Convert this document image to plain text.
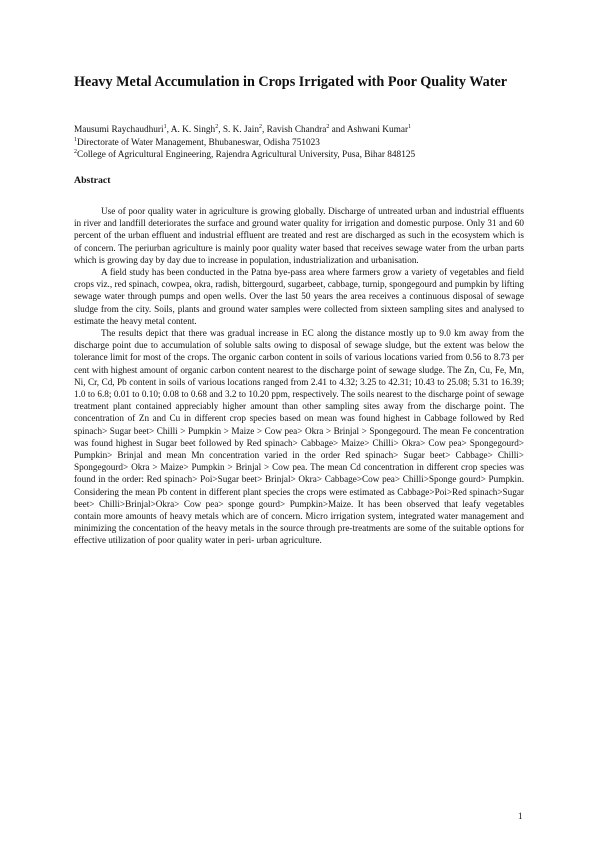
Heavy Metal Accumulation in Crops Irrigated with Poor Quality Water
Mausumi Raychaudhuri$^1$, A. K. Singh$^2$, S. K. Jain$^2$, Ravish Chandra$^2$ and Ashwani Kumar$^1$
$^1$Directorate of Water Management, Bhubaneswar, Odisha 751023
$^2$College of Agricultural Engineering, Rajendra Agricultural University, Pusa, Bihar 848125
Abstract

Use of poor quality water in agriculture is growing globally. Discharge of untreated urban and industrial effluents in river and landfill deteriorates the surface and ground water quality for irrigation and domestic purpose. Only 31 and 60 percent of the urban effluent and industrial effluent are treated and rest are discharged as such in the ecosystem which is of concern. The periurban agriculture is mainly poor quality water based that receives sewage water from the urban parts which is growing day by day due to increase in population, industrialization and urbanisation.

A field study has been conducted in the Patna bye-pass area where farmers grow a variety of vegetables and field crops viz., red spinach, cowpea, okra, radish, bittergourd, sugarbeet, cabbage, turnip, spongegourd and pumpkin by lifting sewage water through pumps and open wells. Over the last 50 years the area receives a continuous disposal of sewage sludge from the city. Soils, plants and ground water samples were collected from sixteen sampling sites and analysed to estimate the heavy metal content.

The results depict that there was gradual increase in EC along the distance mostly up to 9.0 km away from the discharge point due to accumulation of soluble salts owing to disposal of sewage sludge, but the extent was below the tolerance limit for most of the crops. The organic carbon content in soils of various locations varied from 0.56 to 8.73 per cent with highest amount of organic carbon content nearest to the discharge point of sewage sludge. The Zn, Cu, Fe, Mn, Ni, Cr, Cd, Pb content in soils of various locations ranged from 2.41 to 4.32; 3.25 to 42.31; 10.43 to 25.08; 5.31 to 16.39; 1.0 to 6.8; 0.01 to 0.10; 0.08 to 0.68 and 3.2 to 10.20 ppm, respectively. The soils nearest to the discharge point of sewage treatment plant contained appreciably higher amount than other sampling sites away from the discharge point. The concentration of Zn and Cu in different crop species based on mean was found highest in Cabbage followed by Red spinach> Sugar beet> Chilli > Pumpkin > Maize > Cow pea> Okra > Brinjal > Spongegourd. The mean Fe concentration was found highest in Sugar beet followed by Red spinach> Cabbage> Maize> Chilli> Okra> Cow pea> Spongegourd> Pumpkin> Brinjal and mean Mn concentration varied in the order Red spinach> Sugar beet> Cabbage> Chilli> Spongegourd> Okra > Maize> Pumpkin > Brinjal > Cow pea. The mean Cd concentration in different crop species was found in the order: Red spinach> Poi>Sugar beet> Brinjal> Okra> Cabbage>Cow pea> Chilli>Sponge gourd> Pumpkin. Considering the mean Pb content in different plant species the crops were estimated as Cabbage>Poi>Red spinach>Sugar beet> Chilli>Brinjal>Okra> Cow pea> sponge gourd> Pumpkin>Maize. It has been observed that leafy vegetables contain more amounts of heavy metals which are of concern. Micro irrigation system, integrated water management and minimizing the concentation of the heavy metals in the source through pre-treatments are some of the suitable options for effective utilization of poor quality water in peri- urban agriculture.

1
